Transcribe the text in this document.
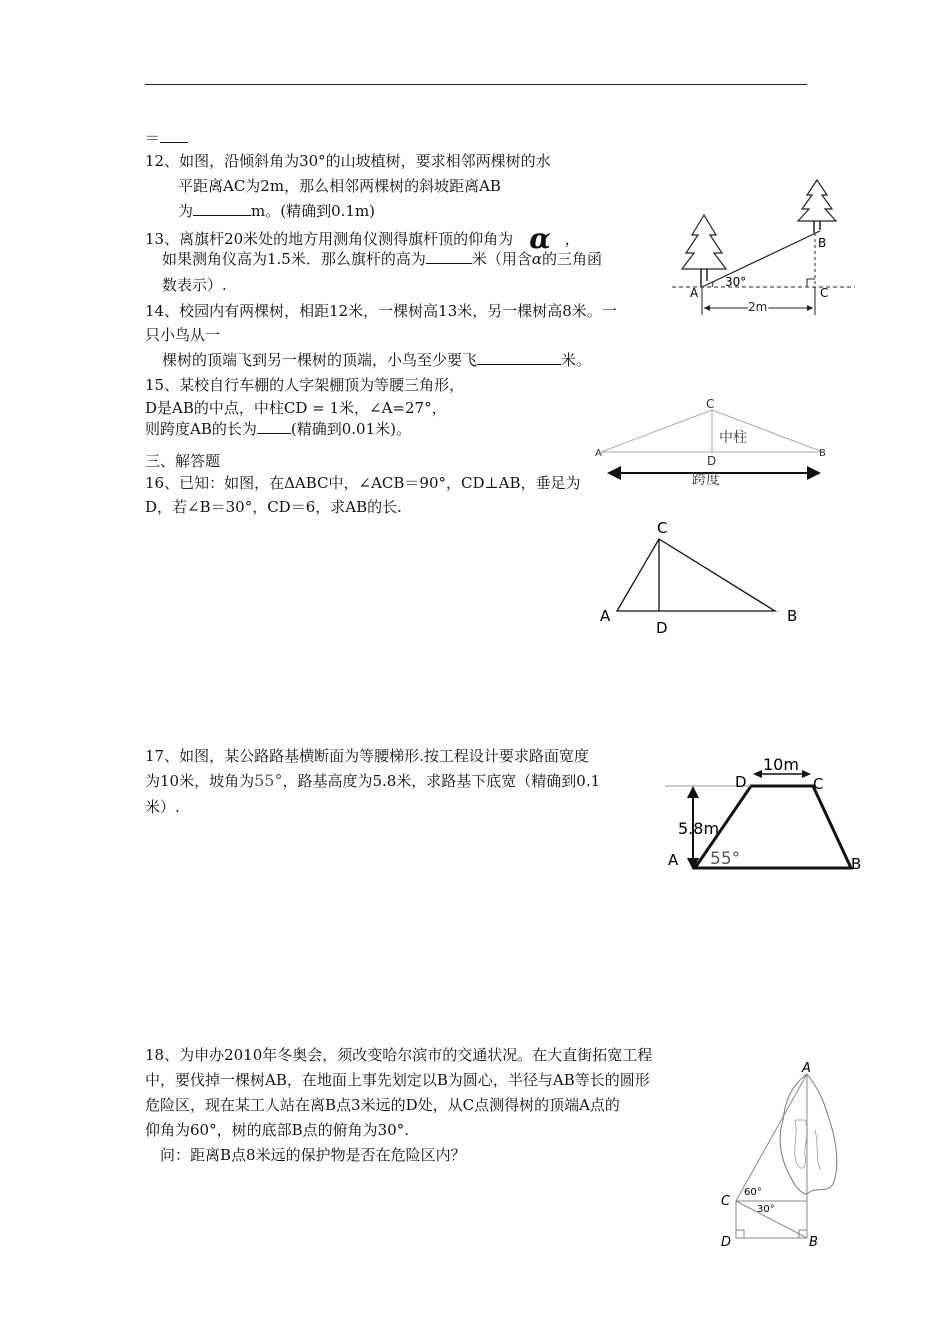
＝
12、如图，沿倾斜角为30°的山坡植树，要求相邻两棵树的水
平距离AC为2m，那么相邻两棵树的斜坡距离AB
为	m。(精确到0.1m)
13、离旗杆20米处的地方用测角仪测得旗杆顶的仰角为 α ，
如果测角仪高为1.5米．那么旗杆的高为	米（用含α的三角函
数表示）.
14、校园内有两棵树，相距12米，一棵树高13米，另一棵树高8米。一
只小鸟从一
棵树的顶端飞到另一棵树的顶端，小鸟至少要飞	米。
15、某校自行车棚的人字架棚顶为等腰三角形，
D是AB的中点，中柱CD = 1米，∠A=27°，
则跨度AB的长为 (精确到0.01米)。
三、解答题
16、已知：如图，在ΔABC中，∠ACB＝90°，CD⊥AB，垂足为
D，若∠B＝30°，CD＝6，求AB的长.
17、如图，某公路路基横断面为等腰梯形.按工程设计要求路面宽度
为10米，坡角为55°，路基高度为5.8米，求路基下底宽（精确到0.1
米）.
18、为申办2010年冬奥会，须改变哈尔滨市的交通状况。在大直街拓宽工程
中，要伐掉一棵树AB，在地面上事先划定以B为圆心，半径与AB等长的圆形
危险区，现在某工人站在离B点3米远的D处，从C点测得树的顶端A点的
仰角为60°，树的底部B点的俯角为30°.
问：距离B点8米远的保护物是否在危险区内？
A
B
C
30°
2m
C
A	B
D
中柱
跨度
C
A	B
D
10m
D	C
5.8m
A	B
55°
A
C
D	B
60°
30°
